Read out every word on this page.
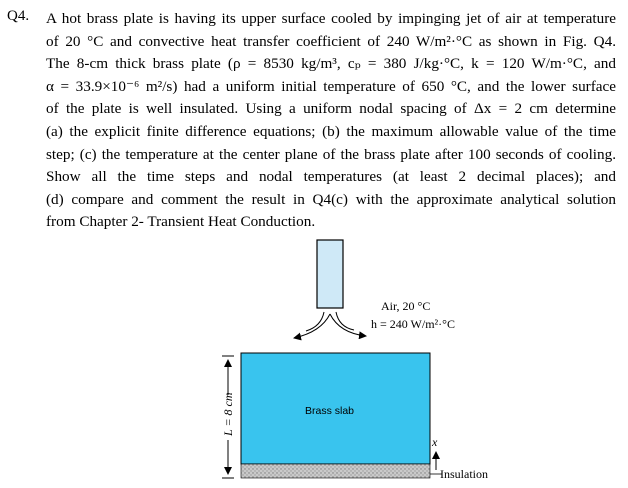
Q4. A hot brass plate is having its upper surface cooled by impinging jet of air at temperature
of 20 °C and convective heat transfer coefficient of 240 W/m²·°C as shown in Fig. Q4.
The 8-cm thick brass plate (ρ = 8530 kg/m³, cₚ = 380 J/kg·°C, k = 120 W/m·°C, and
α = 33.9×10⁻⁶ m²/s) had a uniform initial temperature of 650 °C, and the lower surface
of the plate is well insulated. Using a uniform nodal spacing of Δx = 2 cm determine
(a) the explicit finite difference equations; (b) the maximum allowable value of the time
step; (c) the temperature at the center plane of the brass plate after 100 seconds of cooling.
Show all the time steps and nodal temperatures (at least 2 decimal places); and
(d) compare and comment the result in Q4(c) with the approximate analytical solution
from Chapter 2- Transient Heat Conduction.
Air, 20 °C
h = 240 W/m²·°C
Brass slab
Insulation
x
L = 8 cm
